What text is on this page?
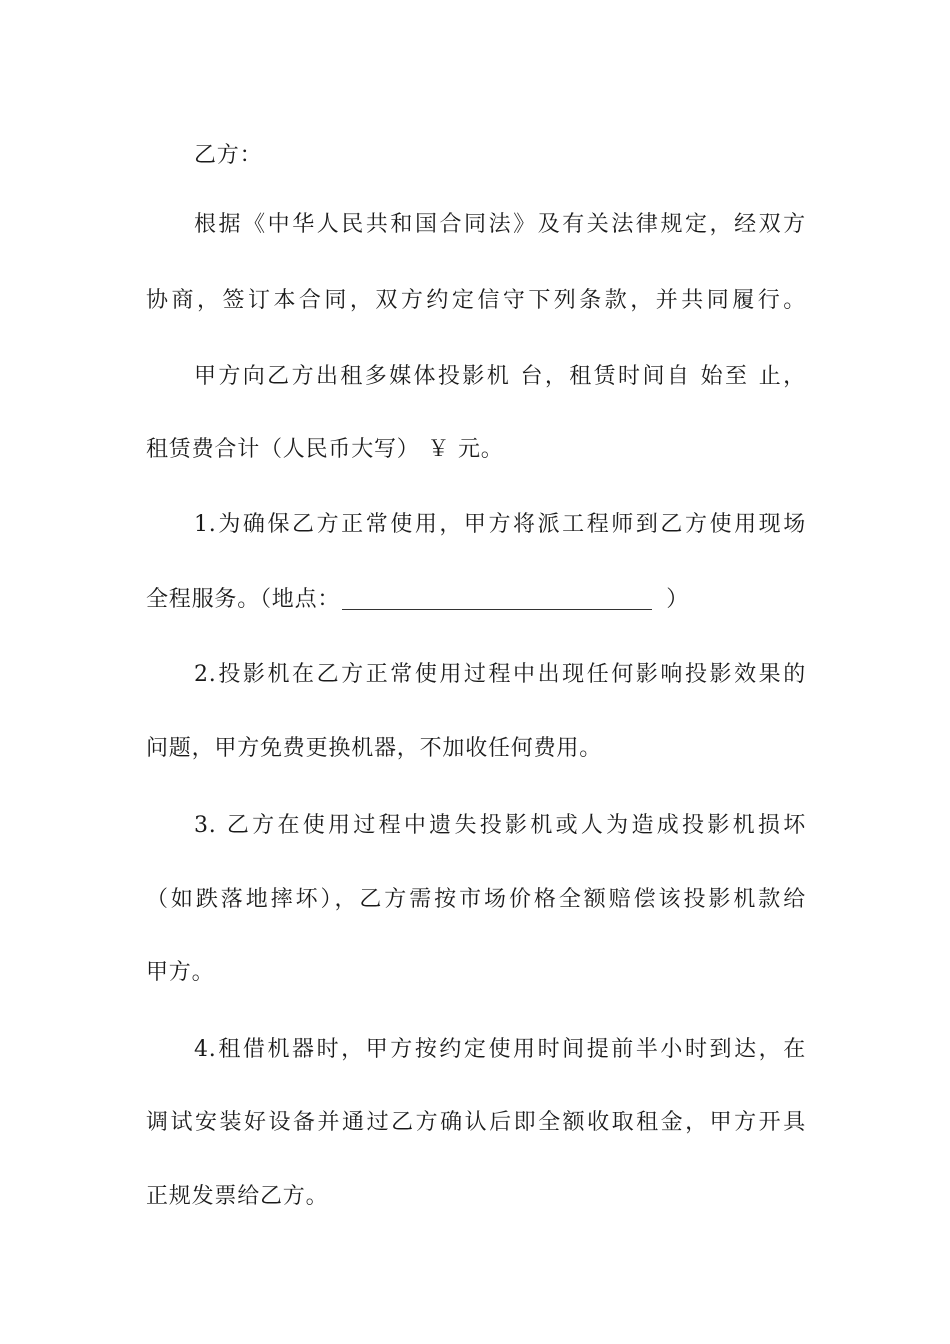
乙方：
根据《中华人民共和国合同法》及有关法律规定，经双方
协商，签订本合同，双方约定信守下列条款，并共同履行。
甲方向乙方出租多媒体投影机 台，租赁时间自 始至 止，
租赁费合计（人民币大写） ￥ 元。
1.为确保乙方正常使用，甲方将派工程师到乙方使用现场
全程服务。（地点：	）
2.投影机在乙方正常使用过程中出现任何影响投影效果的
问题，甲方免费更换机器，不加收任何费用。
3. 乙方在使用过程中遗失投影机或人为造成投影机损坏
（如跌落地摔坏），乙方需按市场价格全额赔偿该投影机款给
甲方。
4.租借机器时，甲方按约定使用时间提前半小时到达，在
调试安装好设备并通过乙方确认后即全额收取租金，甲方开具
正规发票给乙方。
